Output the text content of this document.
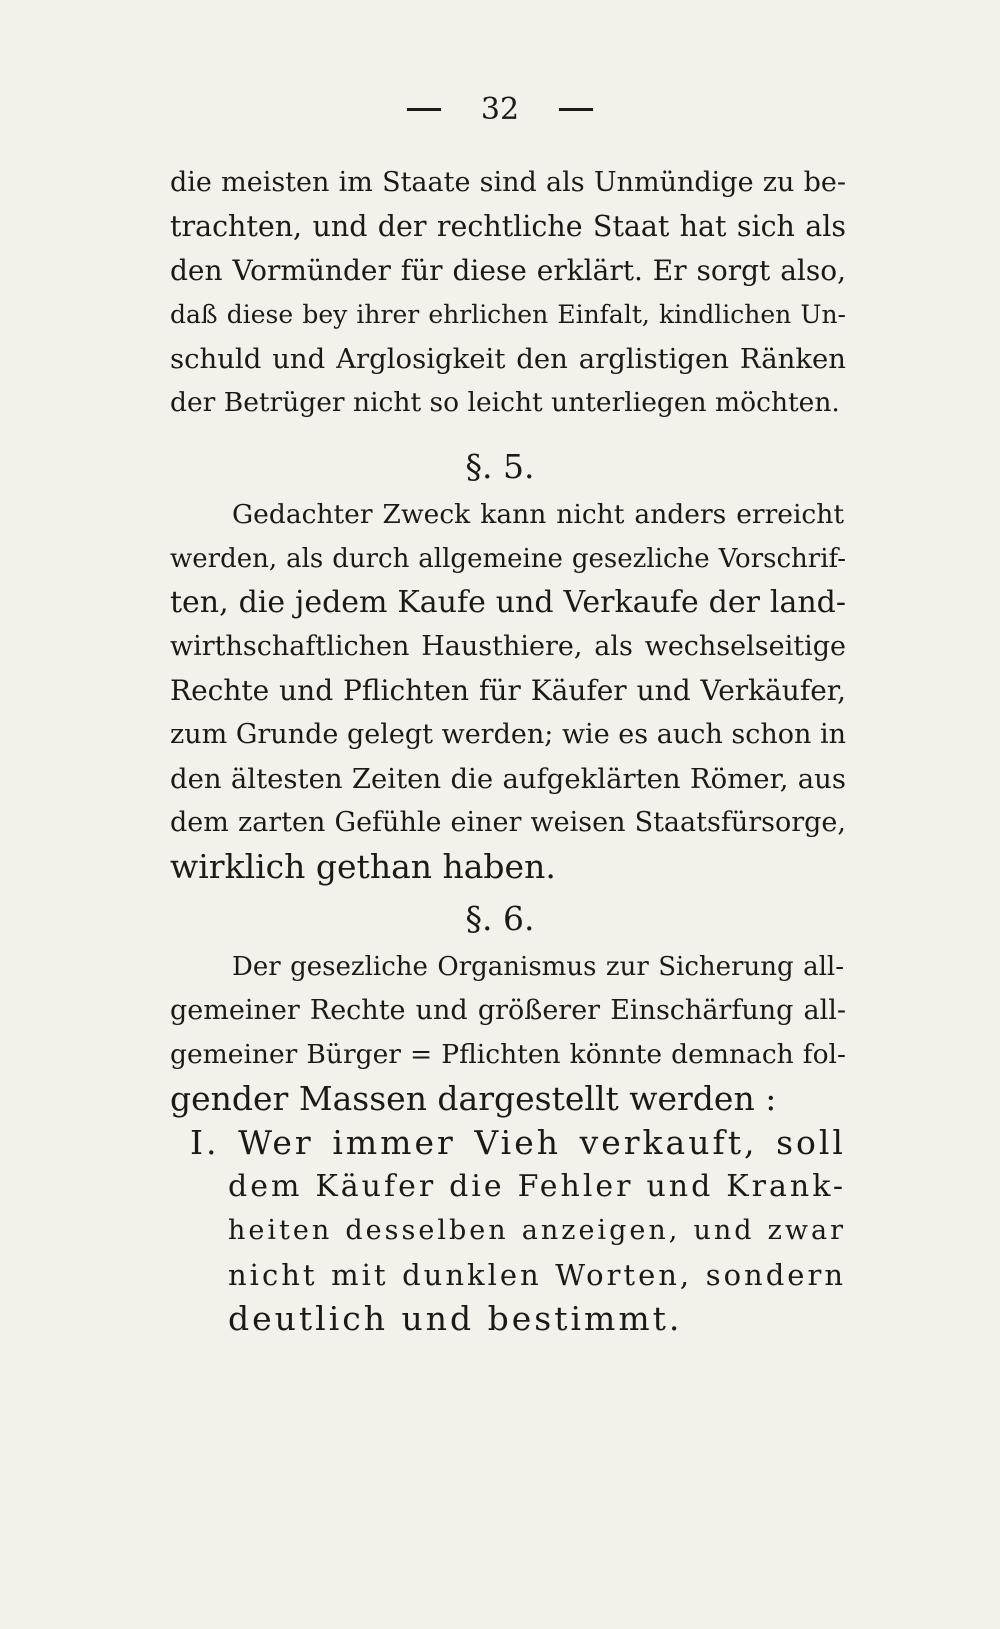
32
die meisten im Staate sind als Unmündige zu be-
trachten, und der rechtliche Staat hat sich als
den Vormünder für diese erklärt. Er sorgt also,
daß diese bey ihrer ehrlichen Einfalt, kindlichen Un-
schuld und Arglosigkeit den arglistigen Ränken
der Betrüger nicht so leicht unterliegen möchten.
§. 5.
Gedachter Zweck kann nicht anders erreicht
werden, als durch allgemeine gesezliche Vorschrif-
ten, die jedem Kaufe und Verkaufe der land-
wirthschaftlichen Hausthiere, als wechselseitige
Rechte und Pflichten für Käufer und Verkäufer,
zum Grunde gelegt werden; wie es auch schon in
den ältesten Zeiten die aufgeklärten Römer, aus
dem zarten Gefühle einer weisen Staatsfürsorge,
wirklich gethan haben.
§. 6.
Der gesezliche Organismus zur Sicherung all-
gemeiner Rechte und größerer Einschärfung all-
gemeiner Bürger = Pflichten könnte demnach fol-
gender Massen dargestellt werden :
I. Wer immer Vieh verkauft, soll
dem Käufer die Fehler und Krank-
heiten desselben anzeigen, und zwar
nicht mit dunklen Worten, sondern
deutlich und bestimmt.
